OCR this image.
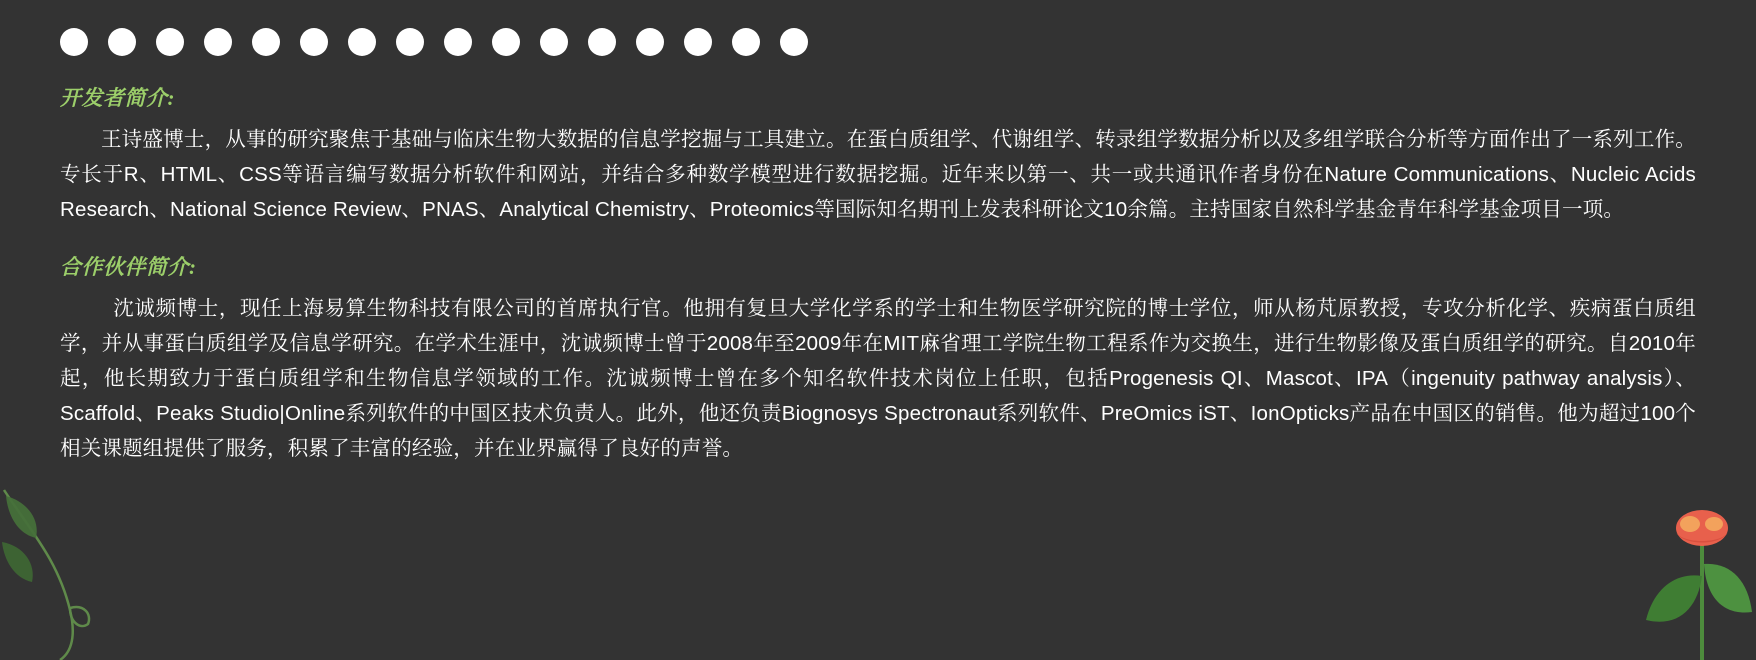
开发者简介:

王诗盛博士，从事的研究聚焦于基础与临床生物大数据的信息学挖掘与工具建立。在蛋白质组学、代谢组学、转录组学数据分析以及多组学联合分析等方面作出了一系列工作。专长于R、HTML、CSS等语言编写数据分析软件和网站，并结合多种数学模型进行数据挖掘。近年来以第一、共一或共通讯作者身份在Nature Communications、Nucleic Acids Research、National Science Review、PNAS、Analytical Chemistry、Proteomics等国际知名期刊上发表科研论文10余篇。主持国家自然科学基金青年科学基金项目一项。

合作伙伴简介:

沈诚频博士，现任上海易算生物科技有限公司的首席执行官。他拥有复旦大学化学系的学士和生物医学研究院的博士学位，师从杨芃原教授，专攻分析化学、疾病蛋白质组学，并从事蛋白质组学及信息学研究。在学术生涯中，沈诚频博士曾于2008年至2009年在MIT麻省理工学院生物工程系作为交换生，进行生物影像及蛋白质组学的研究。自2010年起，他长期致力于蛋白质组学和生物信息学领域的工作。沈诚频博士曾在多个知名软件技术岗位上任职，包括Progenesis QI、Mascot、IPA（ingenuity pathway analysis）、Scaffold、Peaks Studio|Online系列软件的中国区技术负责人。此外，他还负责Biognosys Spectronaut系列软件、PreOmics iST、IonOpticks产品在中国区的销售。他为超过100个相关课题组提供了服务，积累了丰富的经验，并在业界赢得了良好的声誉。
